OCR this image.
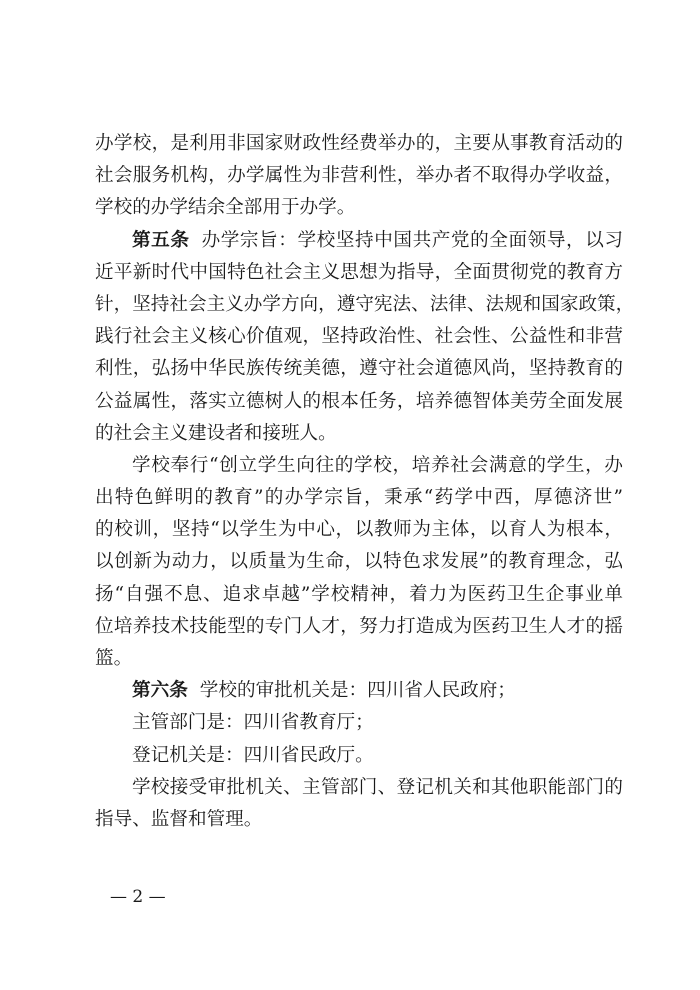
办学校，是利用非国家财政性经费举办的，主要从事教育活动的
社会服务机构，办学属性为非营利性，举办者不取得办学收益，
学校的办学结余全部用于办学。
第五条 办学宗旨：学校坚持中国共产党的全面领导，以习
近平新时代中国特色社会主义思想为指导，全面贯彻党的教育方
针，坚持社会主义办学方向，遵守宪法、法律、法规和国家政策，
践行社会主义核心价值观，坚持政治性、社会性、公益性和非营
利性，弘扬中华民族传统美德，遵守社会道德风尚，坚持教育的
公益属性，落实立德树人的根本任务，培养德智体美劳全面发展
的社会主义建设者和接班人。
学校奉行“创立学生向往的学校，培养社会满意的学生，办
出特色鲜明的教育”的办学宗旨，秉承“药学中西，厚德济世”
的校训，坚持“以学生为中心，以教师为主体，以育人为根本，
以创新为动力，以质量为生命，以特色求发展”的教育理念，弘
扬“自强不息、追求卓越”学校精神，着力为医药卫生企事业单
位培养技术技能型的专门人才，努力打造成为医药卫生人才的摇
篮。
第六条 学校的审批机关是：四川省人民政府；
主管部门是：四川省教育厅；
登记机关是：四川省民政厅。
学校接受审批机关、主管部门、登记机关和其他职能部门的
指导、监督和管理。
— 2 —
